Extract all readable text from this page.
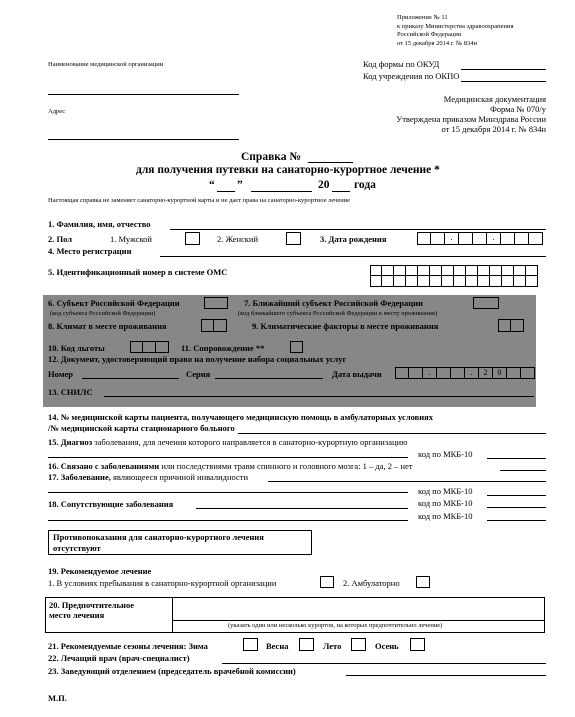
Приложение № 11
к приказу Министерства здравоохранения
Российской Федерации
от 15 декабря 2014 г. № 834н
Наименование медицинской организации
Адрес
Код формы по ОКУД
Код учреждения по ОКПО
Медицинская документация
Форма № 070/у
Утверждена приказом Минздрава России
от 15 декабря 2014 г. № 834н
Справка №
для получения путевки на санаторно-курортное лечение *
“ ”	20 года
Настоящая справка не заменяет санаторно-курортной карты и не дает права на санаторно-курортное лечение
1. Фамилия, имя, отчество
2. Пол	1. Мужской	2. Женский	3. Дата рождения	.	.
4. Место регистрации
5. Идентификационный номер в системе ОМС
6. Субъект Российской Федерации
(код субъекта Российской Федерации)
7. Ближайший субъект Российской Федерации
(код ближайшего субъекта Российской Федерации к месту проживания)
8. Климат в месте проживания	9. Климатические факторы в месте проживания
10. Код льготы	11. Сопровождение **
12. Документ, удостоверяющий право на получение набора социальных услуг
Номер	Серия	Дата выдачи	.	.	2	0
13. СНИЛС
14. № медицинской карты пациента, получающего медицинскую помощь в амбулаторных условиях
/№ медицинской карты стационарного больного
15. Диагноз заболевания, для лечения которого направляется в санаторно-курортную организацию
код по МКБ-10
16. Связано с заболеваниями или последствиями травм спинного и головного мозга: 1 – да, 2 – нет
17. Заболевание, являющееся причиной инвалидности
код по МКБ-10
18. Сопутствующие заболевания	код по МКБ-10
код по МКБ-10
Противопоказания для санаторно-курортного лечения
отсутствуют
19. Рекомендуемое лечение
1. В условиях пребывания в санаторно-курортной организации	2. Амбулаторно
20. Предпочтительное
место лечения
(указать один или несколько курортов, на которых предпочтительно лечение)
21. Рекомендуемые сезоны лечения: Зима	Весна	Лето	Осень
22. Лечащий врач (врач-специалист)
23. Заведующий отделением (председатель врачебной комиссии)
М.П.
